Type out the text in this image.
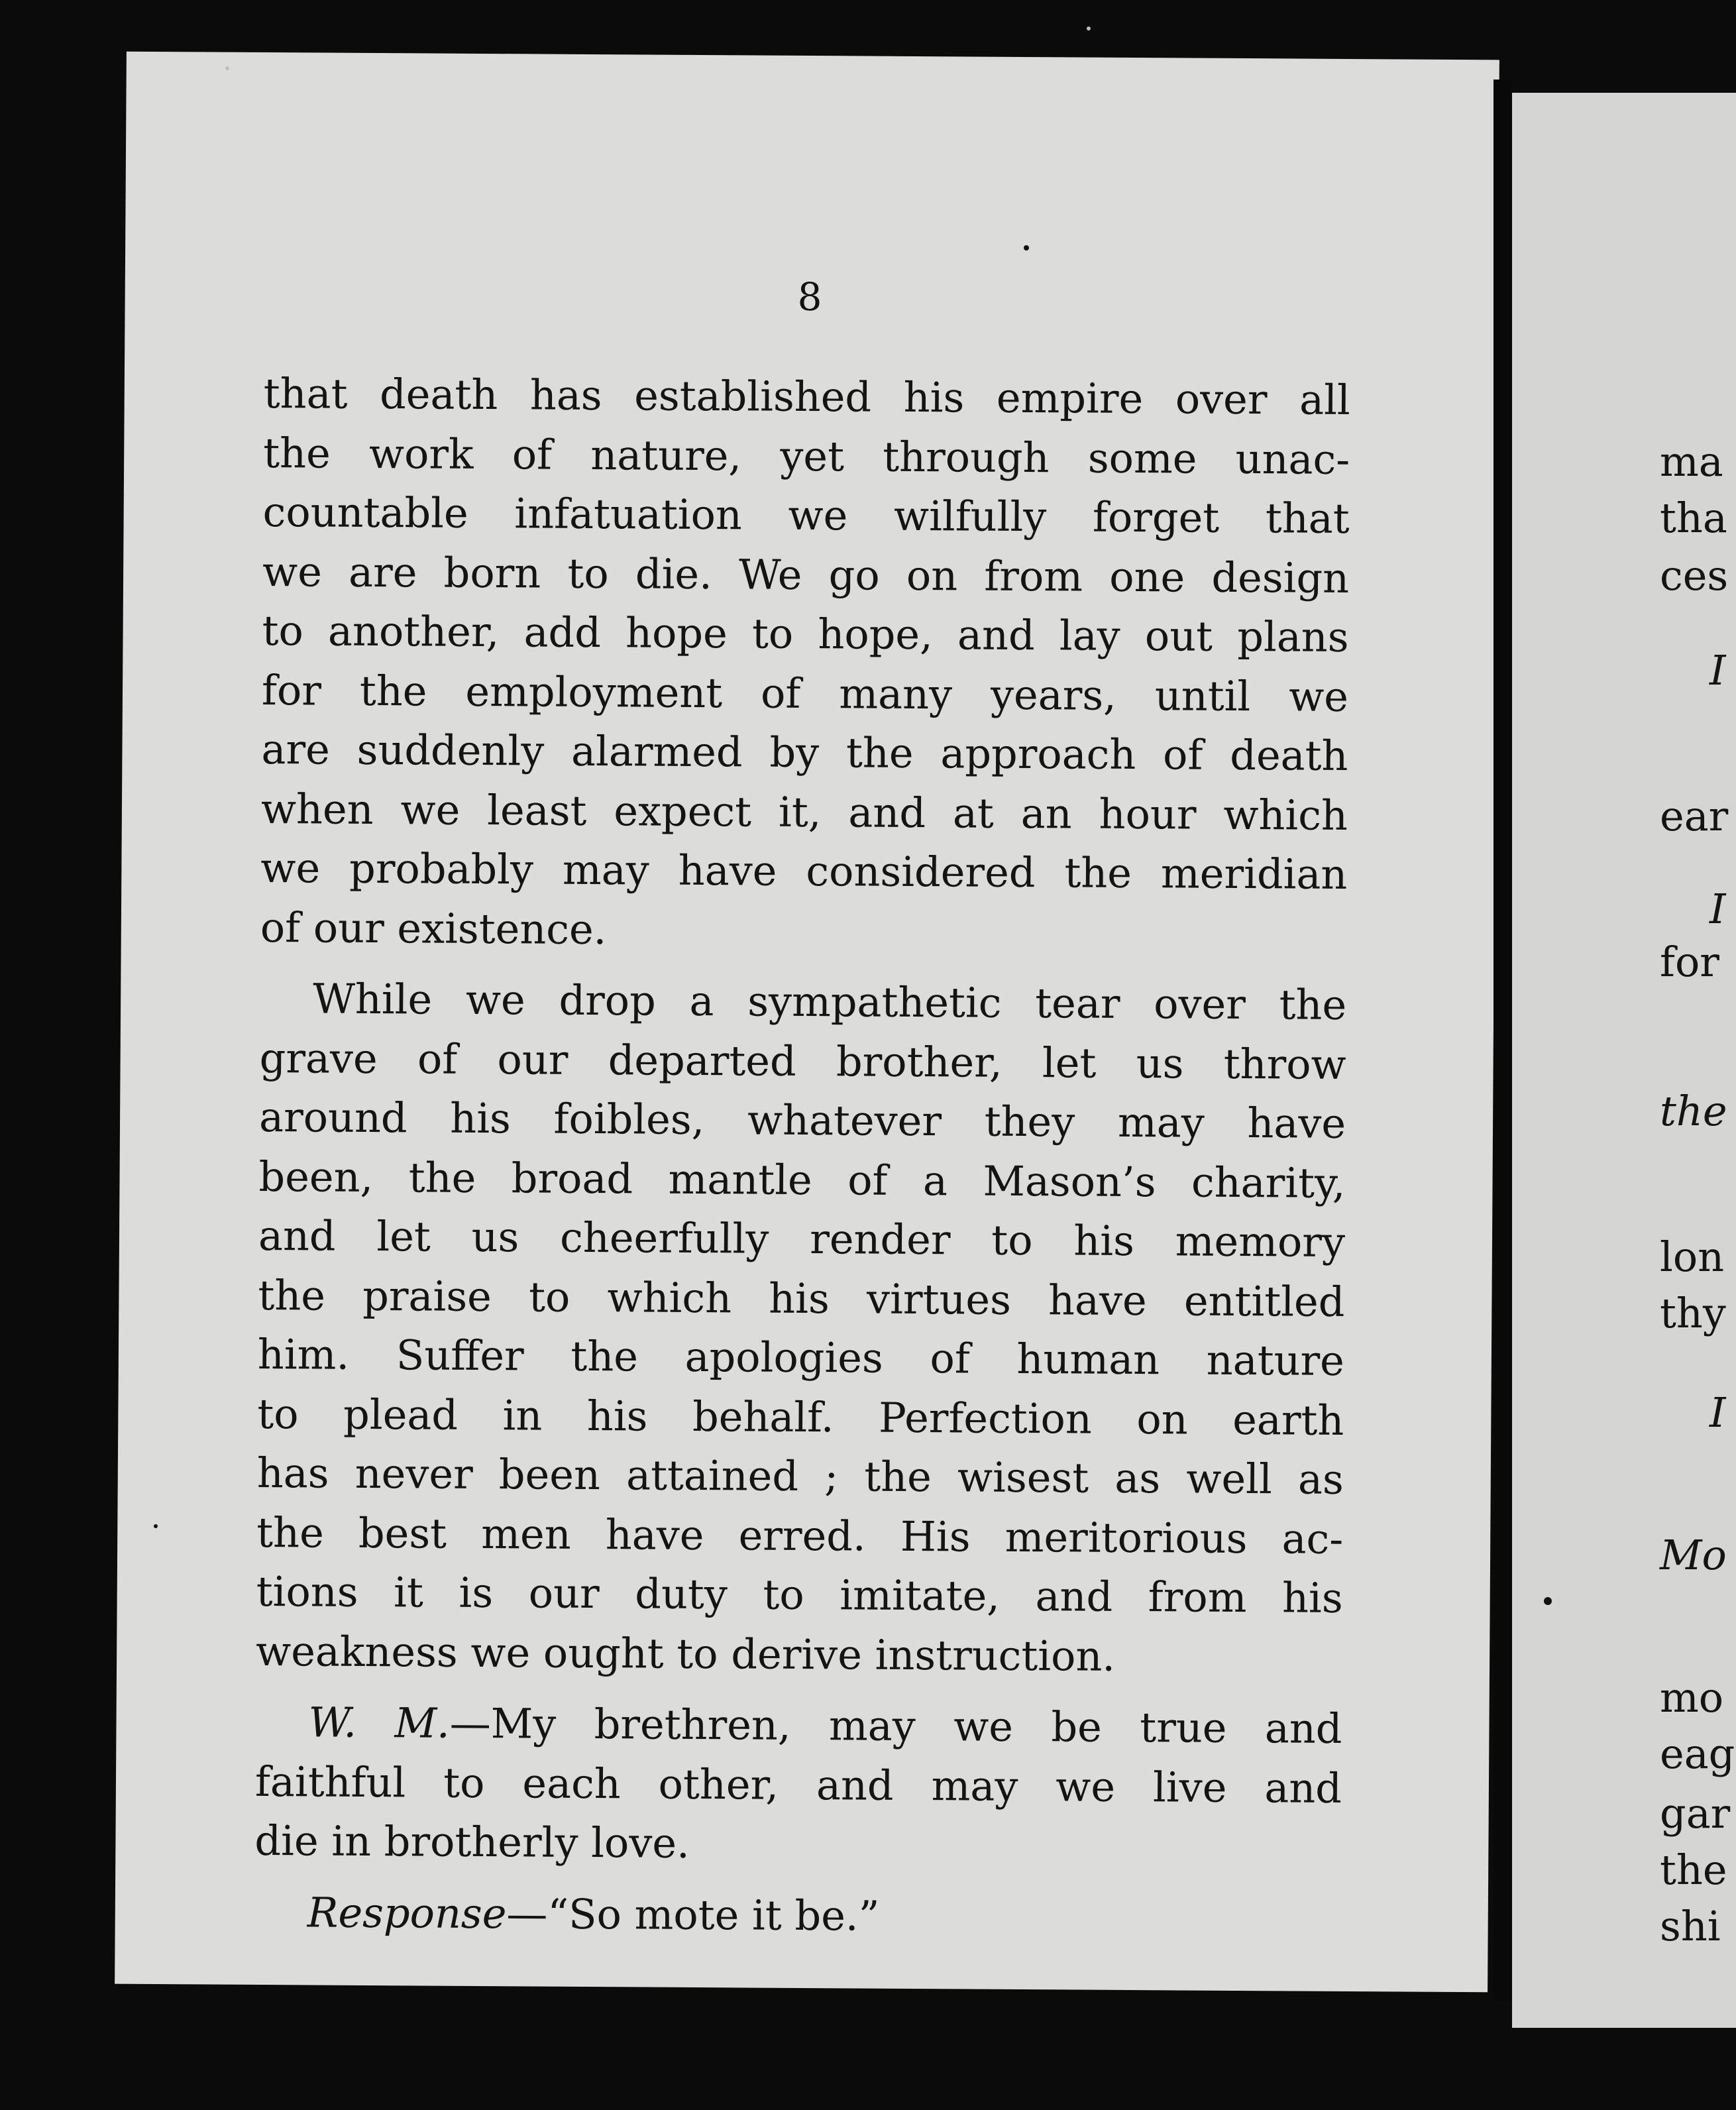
8
that death has established his empire over all
the work of nature, yet through some unac-
countable infatuation we wilfully forget that
we are born to die. We go on from one design
to another, add hope to hope, and lay out plans
for the employment of many years, until we
are suddenly alarmed by the approach of death
when we least expect it, and at an hour which
we probably may have considered the meridian
of our existence.
While we drop a sympathetic tear over the
grave of our departed brother, let us throw
around his foibles, whatever they may have
been, the broad mantle of a Mason’s charity,
and let us cheerfully render to his memory
the praise to which his virtues have entitled
him. Suffer the apologies of human nature
to plead in his behalf. Perfection on earth
has never been attained ; the wisest as well as
the best men have erred. His meritorious ac-
tions it is our duty to imitate, and from his
weakness we ought to derive instruction.
W. M.—My brethren, may we be true and
faithful to each other, and may we live and
die in brotherly love.
Response—“So mote it be.”
ma
tha
ces
I
ear
I
for
the
lon
thy
I
Mo
mo
eag
gar
the
shi
